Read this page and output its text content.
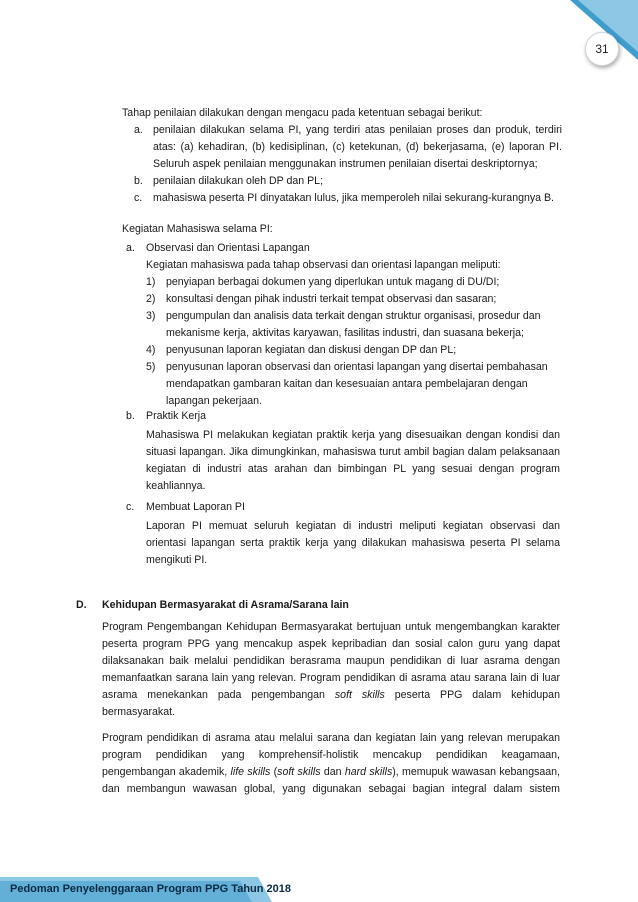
31
Tahap penilaian dilakukan dengan mengacu pada ketentuan sebagai berikut:
a. penilaian dilakukan selama PI, yang terdiri atas penilaian proses dan produk, terdiri
atas: (a) kehadiran, (b) kedisiplinan, (c) ketekunan, (d) bekerjasama, (e) laporan PI.
Seluruh aspek penilaian menggunakan instrumen penilaian disertai deskriptornya;
b. penilaian dilakukan oleh DP dan PL;
c. mahasiswa peserta PI dinyatakan lulus, jika memperoleh nilai sekurang-kurangnya B.
Kegiatan Mahasiswa selama PI:
a. Observasi dan Orientasi Lapangan
Kegiatan mahasiswa pada tahap observasi dan orientasi lapangan meliputi:
1) penyiapan berbagai dokumen yang diperlukan untuk magang di DU/DI;
2) konsultasi dengan pihak industri terkait tempat observasi dan sasaran;
3) pengumpulan dan analisis data terkait dengan struktur organisasi, prosedur dan
mekanisme kerja, aktivitas karyawan, fasilitas industri, dan suasana bekerja;
4) penyusunan laporan kegiatan dan diskusi dengan DP dan PL;
5) penyusunan laporan observasi dan orientasi lapangan yang disertai pembahasan
mendapatkan gambaran kaitan dan kesesuaian antara pembelajaran dengan
lapangan pekerjaan.
b. Praktik Kerja
Mahasiswa PI melakukan kegiatan praktik kerja yang disesuaikan dengan kondisi dan
situasi lapangan. Jika dimungkinkan, mahasiswa turut ambil bagian dalam pelaksanaan
kegiatan di industri atas arahan dan bimbingan PL yang sesuai dengan program
keahliannya.
c. Membuat Laporan PI
Laporan PI memuat seluruh kegiatan di industri meliputi kegiatan observasi dan
orientasi lapangan serta praktik kerja yang dilakukan mahasiswa peserta PI selama
mengikuti PI.
D. Kehidupan Bermasyarakat di Asrama/Sarana lain
Program Pengembangan Kehidupan Bermasyarakat bertujuan untuk mengembangkan karakter
peserta program PPG yang mencakup aspek kepribadian dan sosial calon guru yang dapat
dilaksanakan baik melalui pendidikan berasrama maupun pendidikan di luar asrama dengan
memanfaatkan sarana lain yang relevan. Program pendidikan di asrama atau sarana lain di luar
asrama menekankan pada pengembangan soft skills peserta PPG dalam kehidupan
bermasyarakat.
Program pendidikan di asrama atau melalui sarana dan kegiatan lain yang relevan merupakan
program pendidikan yang komprehensif-holistik mencakup pendidikan keagamaan,
pengembangan akademik, life skills (soft skills dan hard skills), memupuk wawasan kebangsaan,
dan membangun wawasan global, yang digunakan sebagai bagian integral dalam sistem
Pedoman Penyelenggaraan Program PPG Tahun 2018
